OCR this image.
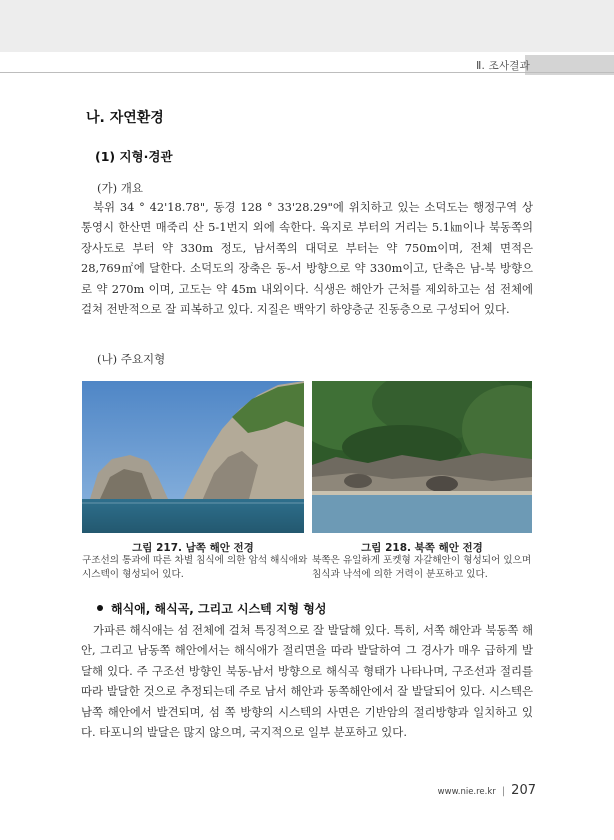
Ⅱ. 조사결과
나. 자연환경
(1) 지형·경관
(가) 개요

북위 34 ° 42'18.78", 동경 128 ° 33'28.29"에 위치하고 있는 소덕도는 행정구역 상 통영시 한산면 매죽리 산 5-1번지 외에 속한다. 육지로 부터의 거리는 5.1㎞이나 북동쪽의 장사도로 부터 약 330m 정도, 남서쪽의 대덕로 부터는 약 750m이며, 전체 면적은 28,769㎡에 달한다. 소덕도의 장축은 동-서 방향으로 약 330m이고, 단축은 남-북 방향으로 약 270m 이며, 고도는 약 45m 내외이다. 식생은 해안가 근처를 제외하고는 섬 전체에 걸쳐 전반적으로 잘 피복하고 있다. 지질은 백악기 하양층군 진동층으로 구성되어 있다.

(나) 주요지형
그림 217. 남쪽 해안 전경

구조선의 통과에 따른 차별 침식에 의한 암석 해식애와
시스텍이 형성되어 있다.

그림 218. 북쪽 해안 전경

북쪽은 유일하게 포켓형 자갈해안이 형성되어 있으며
침식과 낙석에 의한 거력이 분포하고 있다.

해식애, 해식곡, 그리고 시스텍 지형 형성

가파른 해식애는 섬 전체에 걸쳐 특징적으로 잘 발달해 있다. 특히, 서쪽 해안과 북동쪽 해안, 그리고 남동쪽 해안에서는 해식애가 절리면을 따라 발달하여 그 경사가 매우 급하게 발달해 있다. 주 구조선 방향인 북동-남서 방향으로 해식곡 형태가 나타나며, 구조선과 절리를 따라 발달한 것으로 추정되는데 주로 남서 해안과 동쪽해안에서 잘 발달되어 있다. 시스텍은 남쪽 해안에서 발견되며, 섬 쪽 방향의 시스텍의 사면은 기반암의 절리방향과 일치하고 있다. 타포니의 발달은 많지 않으며, 국지적으로 일부 분포하고 있다.

www.nie.re.kr | 207
